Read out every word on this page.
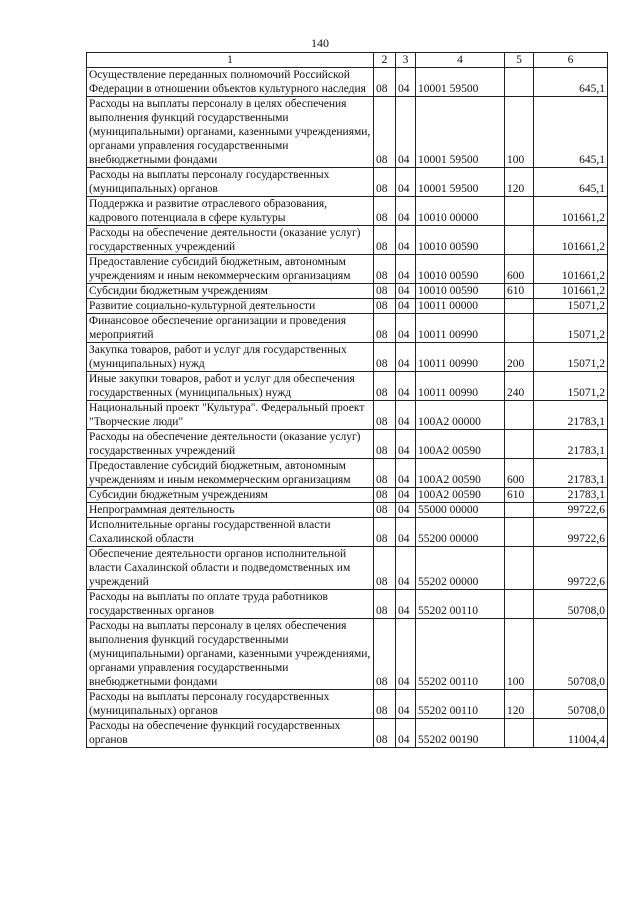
140
1	2	3	4	5	6
Осуществление переданных полномочий Российской Федерации в отношении объектов культурного наследия	08	04	10001 59500		645,1
Расходы на выплаты персоналу в целях обеспечения выполнения функций государственными (муниципальными) органами, казенными учреждениями, органами управления государственными внебюджетными фондами	08	04	10001 59500	100	645,1
Расходы на выплаты персоналу государственных (муниципальных) органов	08	04	10001 59500	120	645,1
Поддержка и развитие отраслевого образования, кадрового потенциала в сфере культуры	08	04	10010 00000		101661,2
Расходы на обеспечение деятельности (оказание услуг) государственных учреждений	08	04	10010 00590		101661,2
Предоставление субсидий бюджетным, автономным учреждениям и иным некоммерческим организациям	08	04	10010 00590	600	101661,2
Субсидии бюджетным учреждениям	08	04	10010 00590	610	101661,2
Развитие социально-культурной деятельности	08	04	10011 00000		15071,2
Финансовое обеспечение организации и проведения мероприятий	08	04	10011 00990		15071,2
Закупка товаров, работ и услуг для государственных (муниципальных) нужд	08	04	10011 00990	200	15071,2
Иные закупки товаров, работ и услуг для обеспечения государственных (муниципальных) нужд	08	04	10011 00990	240	15071,2
Национальный проект "Культура". Федеральный проект "Творческие люди"	08	04	100А2 00000		21783,1
Расходы на обеспечение деятельности (оказание услуг) государственных учреждений	08	04	100А2 00590		21783,1
Предоставление субсидий бюджетным, автономным учреждениям и иным некоммерческим организациям	08	04	100А2 00590	600	21783,1
Субсидии бюджетным учреждениям	08	04	100А2 00590	610	21783,1
Непрограммная деятельность	08	04	55000 00000		99722,6
Исполнительные органы государственной власти Сахалинской области	08	04	55200 00000		99722,6
Обеспечение деятельности органов исполнительной власти Сахалинской области и подведомственных им учреждений	08	04	55202 00000		99722,6
Расходы на выплаты по оплате труда работников государственных органов	08	04	55202 00110		50708,0
Расходы на выплаты персоналу в целях обеспечения выполнения функций государственными (муниципальными) органами, казенными учреждениями, органами управления государственными внебюджетными фондами	08	04	55202 00110	100	50708,0
Расходы на выплаты персоналу государственных (муниципальных) органов	08	04	55202 00110	120	50708,0
Расходы на обеспечение функций государственных органов	08	04	55202 00190		11004,4
